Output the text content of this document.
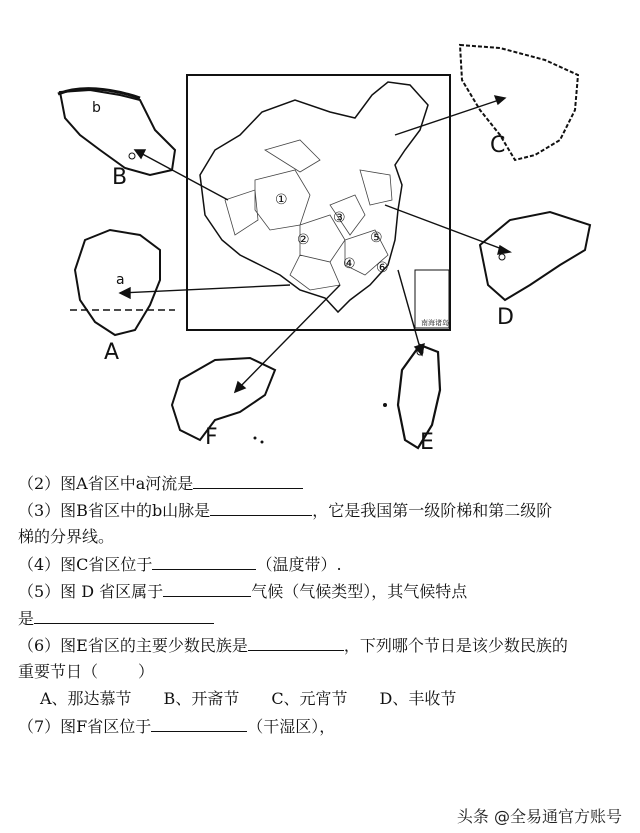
b
B
C
D
a
A
F	E
①
②
③
④
⑤
⑥
南海诸岛

（2）图A省区中a河流是

（3）图B省区中的b山脉是	，它是我国第一级阶梯和第二级阶

梯的分界线。

（4）图C省区位于	（温度带）.

（5）图 D 省区属于	气候（气候类型），其气候特点

是

（6）图E省区的主要少数民族是	，下列哪个节日是该少数民族的

重要节日（	）

A、那达慕节　　B、开斋节　　C、元宵节　　D、丰收节

（7）图F省区位于	（干湿区），

头条 @全易通官方账号
